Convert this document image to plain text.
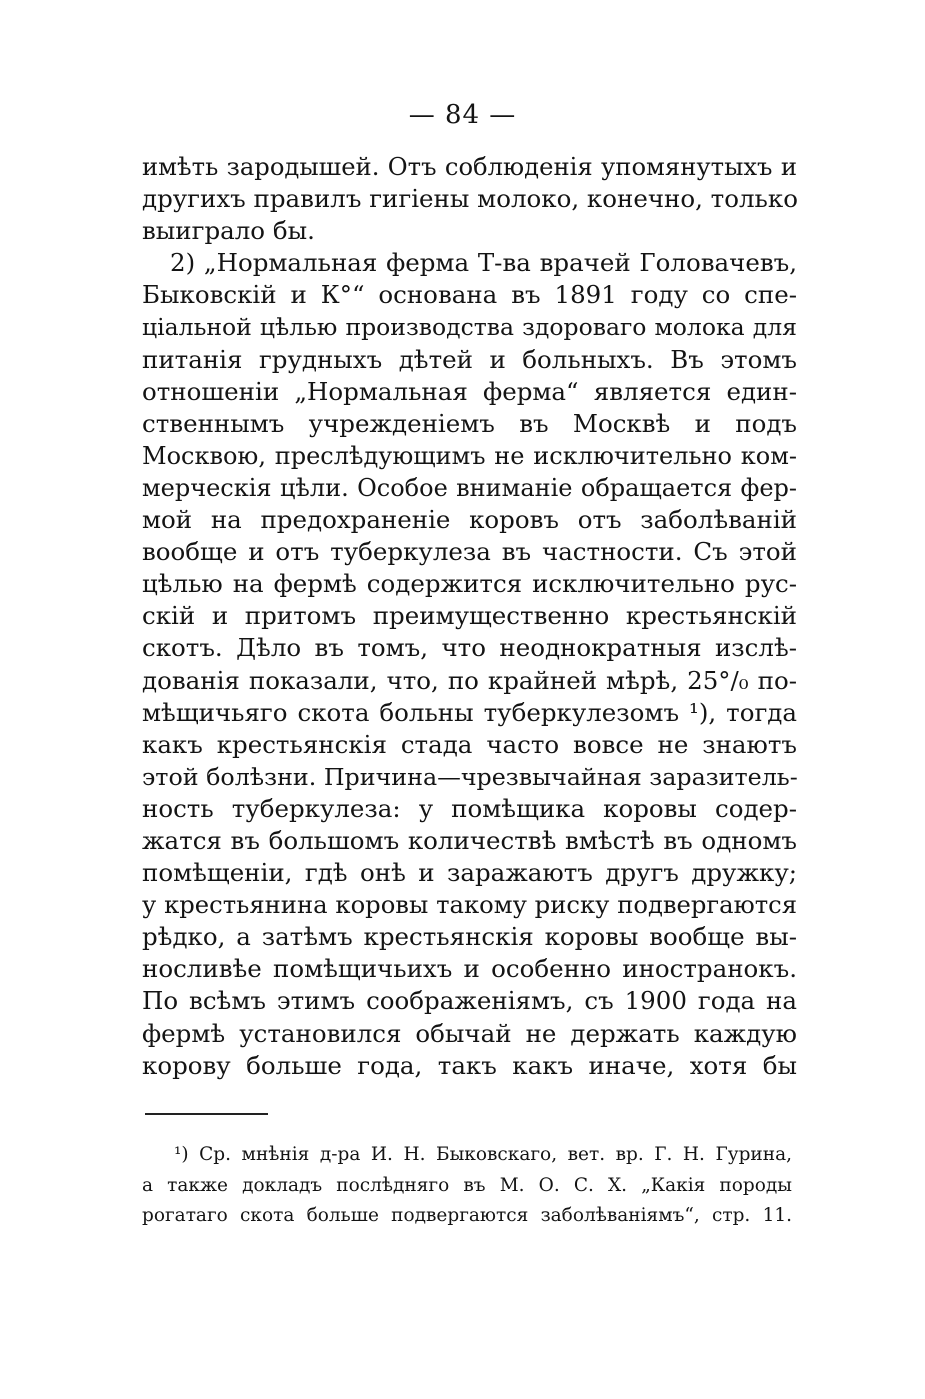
— 84 —
имѣть зародышей. Отъ соблюденія упомянутыхъ и
другихъ правилъ гигіены молоко, конечно, только
выиграло бы.
2) „Нормальная ферма Т-ва врачей Головачевъ,
Быковскій и К°“ основана въ 1891 году со спе-
ціальной цѣлью производства здороваго молока для
питанія грудныхъ дѣтей и больныхъ. Въ этомъ
отношеніи „Нормальная ферма“ является един-
ственнымъ учрежденіемъ въ Москвѣ и подъ
Москвою, преслѣдующимъ не исключительно ком-
мерческія цѣли. Особое вниманіе обращается фер-
мой на предохраненіе коровъ отъ заболѣваній
вообще и отъ туберкулеза въ частности. Съ этой
цѣлью на фермѣ содержится исключительно рус-
скій и притомъ преимущественно крестьянскій
скотъ. Дѣло въ томъ, что неоднократныя изслѣ-
дованія показали, что, по крайней мѣрѣ, 25°/₀ по-
мѣщичьяго скота больны туберкулезомъ ¹), тогда
какъ крестьянскія стада часто вовсе не знаютъ
этой болѣзни. Причина—чрезвычайная заразитель-
ность туберкулеза: у помѣщика коровы содер-
жатся въ большомъ количествѣ вмѣстѣ въ одномъ
помѣщеніи, гдѣ онѣ и заражаютъ другъ дружку;
у крестьянина коровы такому риску подвергаются
рѣдко, а затѣмъ крестьянскія коровы вообще вы-
носливѣе помѣщичьихъ и особенно иностранокъ.
По всѣмъ этимъ соображеніямъ, съ 1900 года на
фермѣ установился обычай не держать каждую
корову больше года, такъ какъ иначе, хотя бы
¹) Ср. мнѣнія д-ра И. Н. Быковскаго, вет. вр. Г. Н. Гурина,
а также докладъ послѣдняго въ М. О. С. Х. „Какія породы
рогатаго скота больше подвергаются заболѣваніямъ“, стр. 11.
